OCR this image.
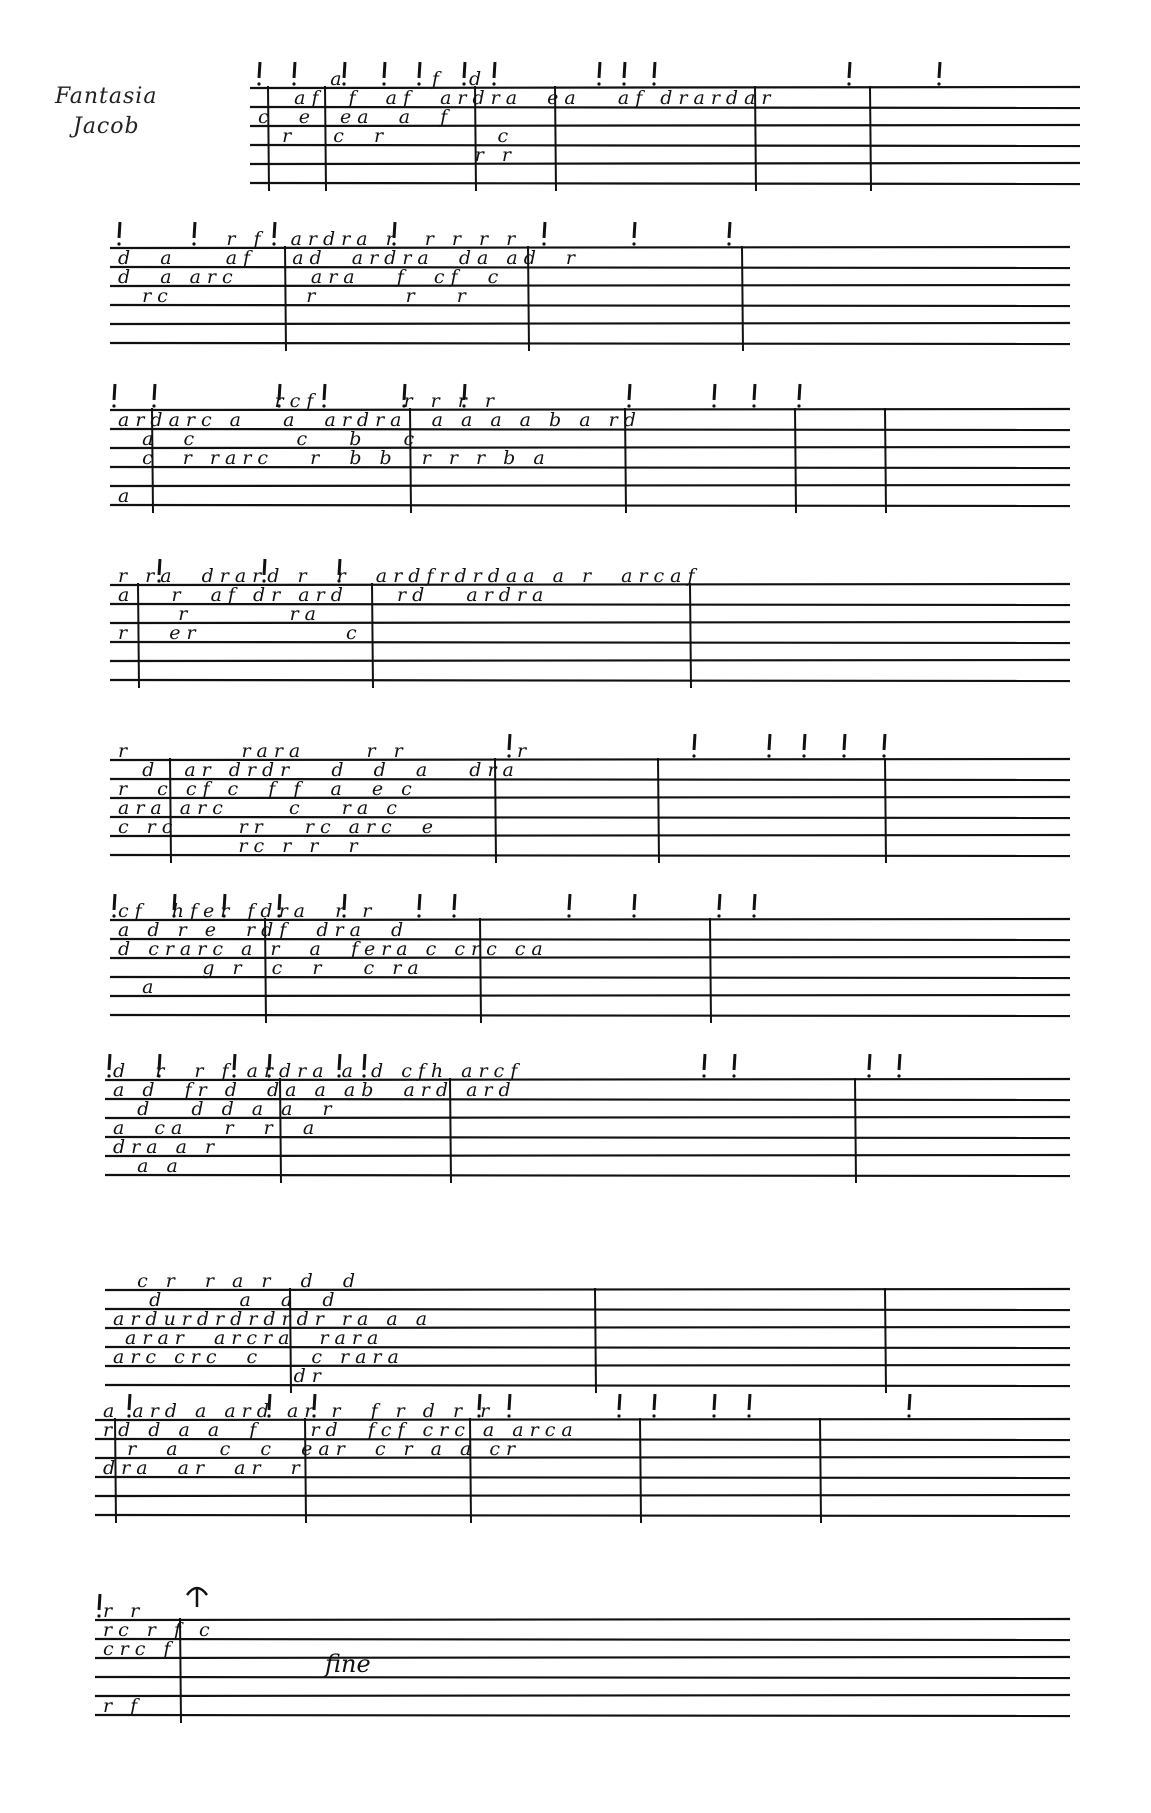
Fantasia
Jacob
a       f  d
af  f  af  ardra  ea   af drardar
c  e  ea  a  f
r   c  r         c
r r
r f  ardra r  r r r r
d  a    af   ad  ardra  da ad  r
d  a arc      ara   f  cf  c
rc           r       r   r
rcf       r r r r
ardarc a   a  ardra  a a a a b a rd
a  c        c   b   c
c  r rarc   r  b b  r r r b a
a
r ra  drard r  r  ardfrdrdaa a r  arcaf
a   r  af dr ard    rd   ardra
r        ra
r   er            c
r         rara     r r         r
d  ar drdr   d  d  a   dra
r  c cf c  f f  a  e c
ara arc     c   ra c
c rc     rr   rc arc  e
rc r r  r
cf  hfer fdra  r r
a d r e  rdf  dra  d
d crarc a r  a  fera c crc ca
g r  c  r   c ra
a
d  r  r f ardra a d cfh arcf
a d  fr d  da a ab  ard ard
d   d d a a  r
a  ca   r  r  a
dra a r
a a
c r  r a r  d  d
d      a  a  d
ardurdrdrdrdr ra a a
arar  arcra  rara
arc crc  c    c rara
dr
a ard a ard ar r  f r d r r
rd d a a  f    rd  fcf crc a arca
r  a   c  c  ear  c r a a cr
dra  ar  ar  r
r r
rc r f c
crc f
r f
fine
